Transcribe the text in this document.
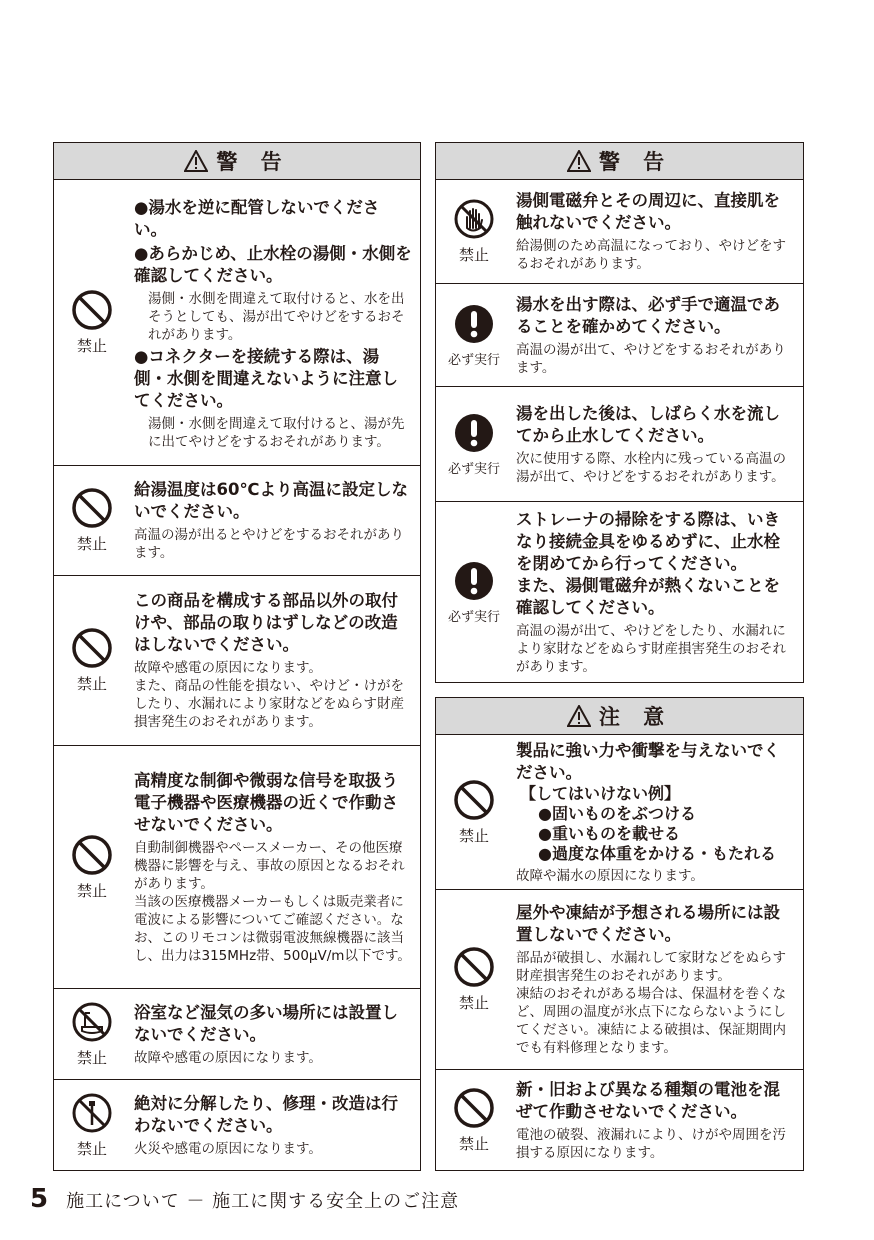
警 告
禁止
●湯水を逆に配管しないでください。
●あらかじめ、止水栓の湯側・水側を確認してください。
湯側・水側を間違えて取付けると、水を出そうとしても、湯が出てやけどをするおそれがあります。
●コネクターを接続する際は、湯側・水側を間違えないように注意してください。
湯側・水側を間違えて取付けると、湯が先に出てやけどをするおそれがあります。
禁止
給湯温度は60℃より高温に設定しないでください。
高温の湯が出るとやけどをするおそれがあります。
禁止
この商品を構成する部品以外の取付けや、部品の取りはずしなどの改造はしないでください。
故障や感電の原因になります。
また、商品の性能を損ない、やけど・けがをしたり、水漏れにより家財などをぬらす財産損害発生のおそれがあります。
禁止
高精度な制御や微弱な信号を取扱う電子機器や医療機器の近くで作動させないでください。
自動制御機器やペースメーカー、その他医療機器に影響を与え、事故の原因となるおそれがあります。
当該の医療機器メーカーもしくは販売業者に電波による影響についてご確認ください。なお、このリモコンは微弱電波無線機器に該当し、出力は315MHz帯、500μV/m以下です。
禁止
浴室など湿気の多い場所には設置しないでください。
故障や感電の原因になります。
禁止
絶対に分解したり、修理・改造は行わないでください。
火災や感電の原因になります。
警 告
禁止
湯側電磁弁とその周辺に、直接肌を触れないでください。
給湯側のため高温になっており、やけどをするおそれがあります。
必ず実行
湯水を出す際は、必ず手で適温であることを確かめてください。
高温の湯が出て、やけどをするおそれがあります。
必ず実行
湯を出した後は、しばらく水を流してから止水してください。
次に使用する際、水栓内に残っている高温の湯が出て、やけどをするおそれがあります。
必ず実行
ストレーナの掃除をする際は、いきなり接続金具をゆるめずに、止水栓を閉めてから行ってください。
また、湯側電磁弁が熱くないことを確認してください。
高温の湯が出て、やけどをしたり、水漏れにより家財などをぬらす財産損害発生のおそれがあります。
注 意
禁止
製品に強い力や衝撃を与えないでください。
【してはいけない例】
●固いものをぶつける
●重いものを載せる
●過度な体重をかける・もたれる
故障や漏水の原因になります。
禁止
屋外や凍結が予想される場所には設置しないでください。
部品が破損し、水漏れして家財などをぬらす財産損害発生のおそれがあります。
凍結のおそれがある場合は、保温材を巻くなど、周囲の温度が氷点下にならないようにしてください。凍結による破損は、保証期間内でも有料修理となります。
禁止
新・旧および異なる種類の電池を混ぜて作動させないでください。
電池の破裂、液漏れにより、けがや周囲を汚損する原因になります。
5 施工について － 施工に関する安全上のご注意
